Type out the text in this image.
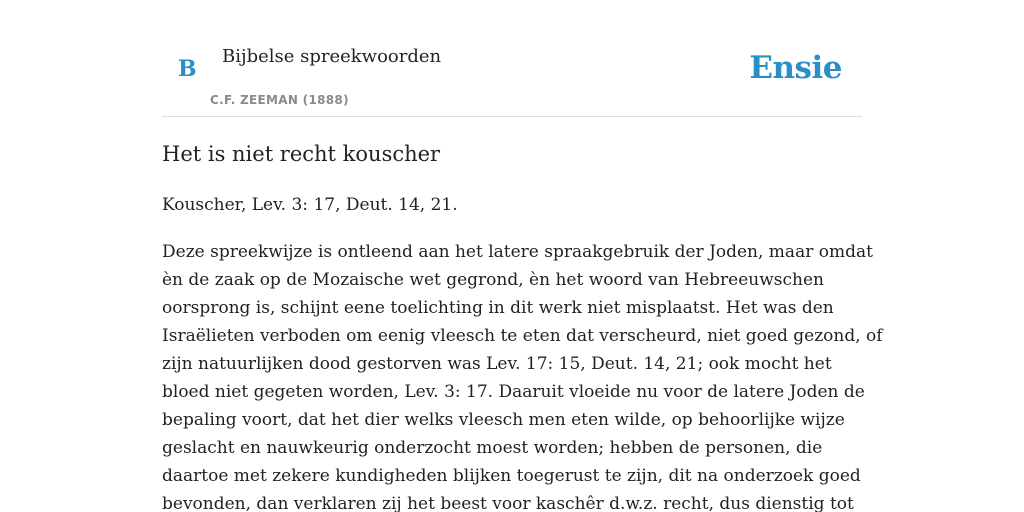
B Bijbelse spreekwoorden
C.F. ZEEMAN (1888)
Ensie
Het is niet recht kouscher

Kouscher, Lev. 3: 17, Deut. 14, 21.

Deze spreekwijze is ontleend aan het latere spraakgebruik der Joden, maar omdat
èn de zaak op de Mozaische wet gegrond, èn het woord van Hebreeuwschen
oorsprong is, schijnt eene toelichting in dit werk niet misplaatst. Het was den
Israëlieten verboden om eenig vleesch te eten dat verscheurd, niet goed gezond, of
zijn natuurlijken dood gestorven was Lev. 17: 15, Deut. 14, 21; ook mocht het
bloed niet gegeten worden, Lev. 3: 17. Daaruit vloeide nu voor de latere Joden de
bepaling voort, dat het dier welks vleesch men eten wilde, op behoorlijke wijze
geslacht en nauwkeurig onderzocht moest worden; hebben de personen, die
daartoe met zekere kundigheden blijken toegerust te zijn, dit na onderzoek goed
bevonden, dan verklaren zij het beest voor kaschêr d.w.z. recht, dus dienstig tot
